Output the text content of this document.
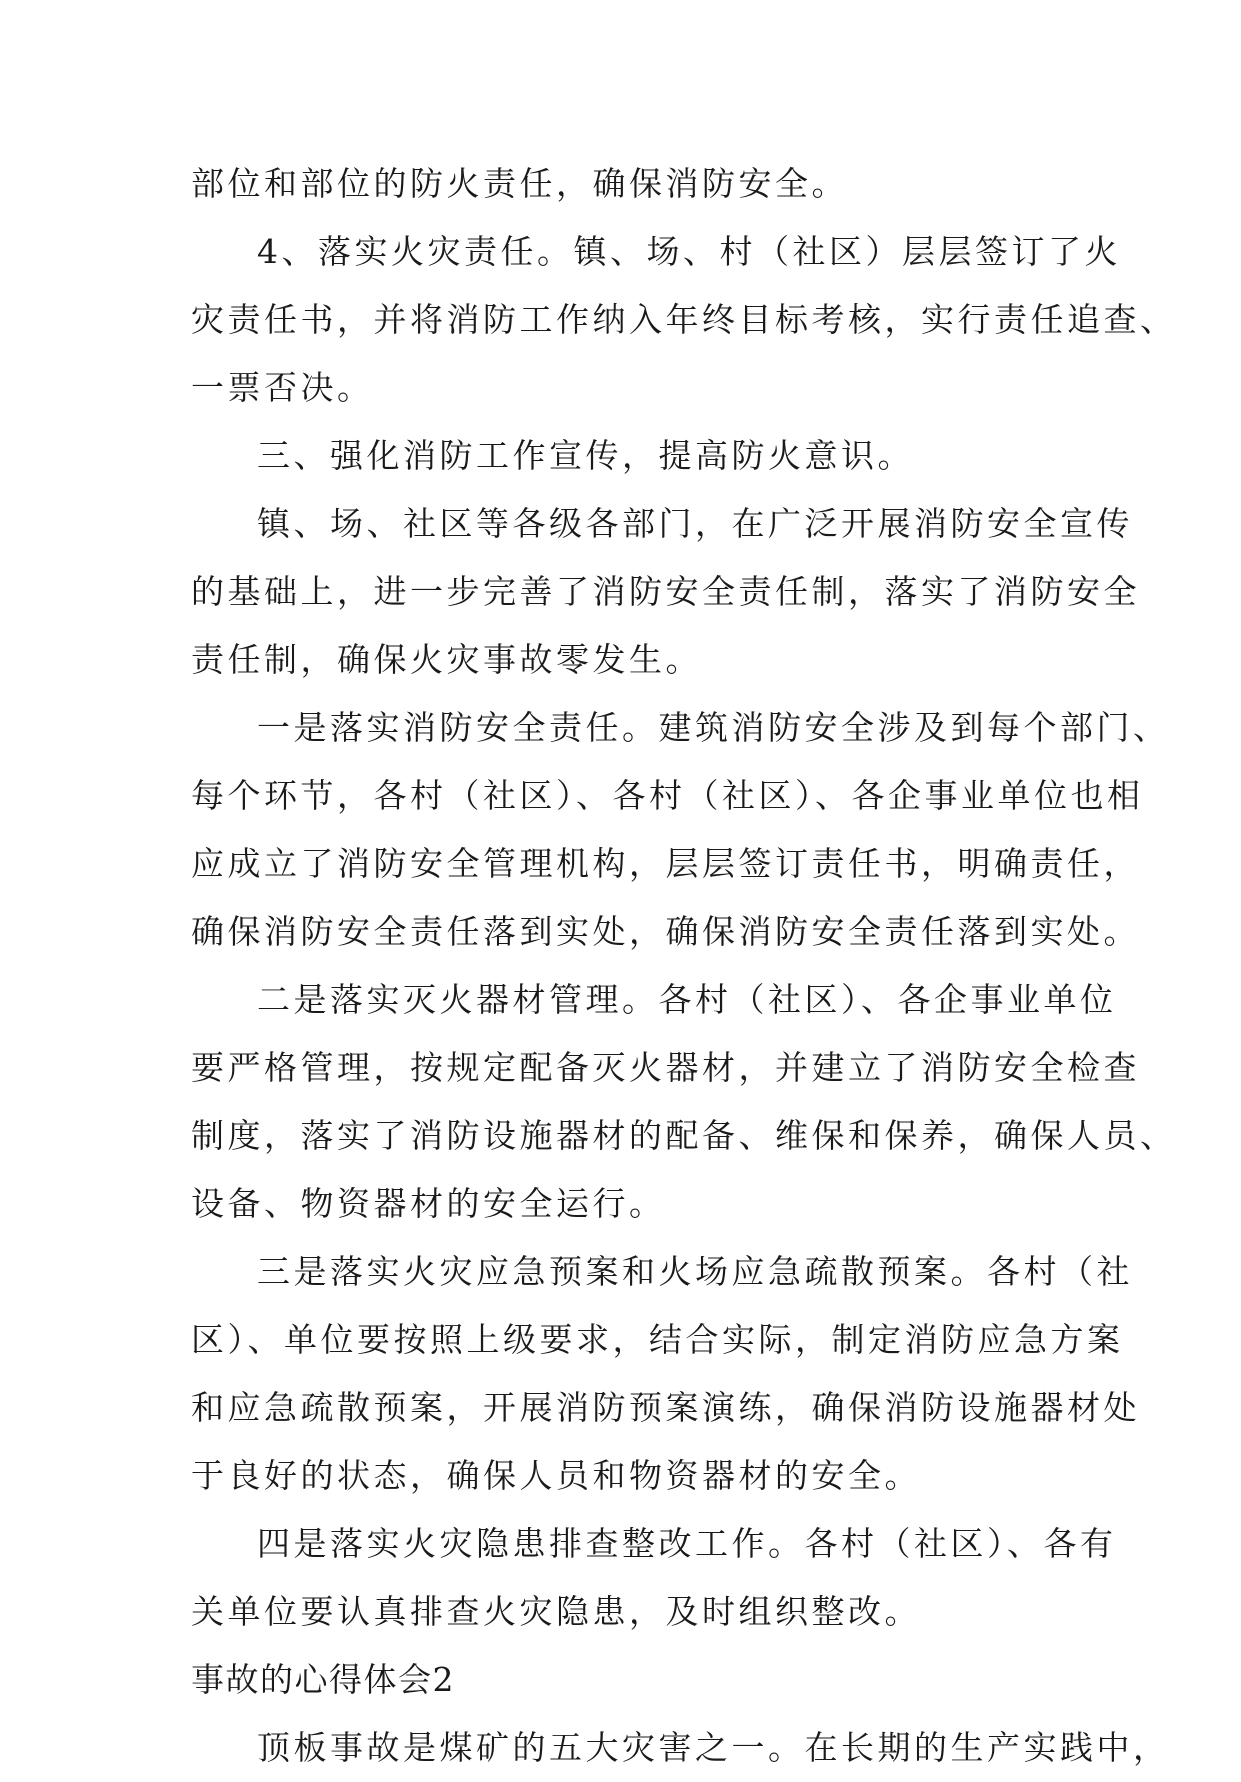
部位和部位的防火责任，确保消防安全。
4、落实火灾责任。镇、场、村（社区）层层签订了火
灾责任书，并将消防工作纳入年终目标考核，实行责任追查、
一票否决。
三、强化消防工作宣传，提高防火意识。
镇、场、社区等各级各部门，在广泛开展消防安全宣传
的基础上，进一步完善了消防安全责任制，落实了消防安全
责任制，确保火灾事故零发生。
一是落实消防安全责任。建筑消防安全涉及到每个部门、
每个环节，各村（社区）、各村（社区）、各企事业单位也相
应成立了消防安全管理机构，层层签订责任书，明确责任，
确保消防安全责任落到实处，确保消防安全责任落到实处。
二是落实灭火器材管理。各村（社区）、各企事业单位
要严格管理，按规定配备灭火器材，并建立了消防安全检查
制度，落实了消防设施器材的配备、维保和保养，确保人员、
设备、物资器材的安全运行。
三是落实火灾应急预案和火场应急疏散预案。各村（社
区）、单位要按照上级要求，结合实际，制定消防应急方案
和应急疏散预案，开展消防预案演练，确保消防设施器材处
于良好的状态，确保人员和物资器材的安全。
四是落实火灾隐患排查整改工作。各村（社区）、各有
关单位要认真排查火灾隐患，及时组织整改。
事故的心得体会2
顶板事故是煤矿的五大灾害之一。在长期的生产实践中，
